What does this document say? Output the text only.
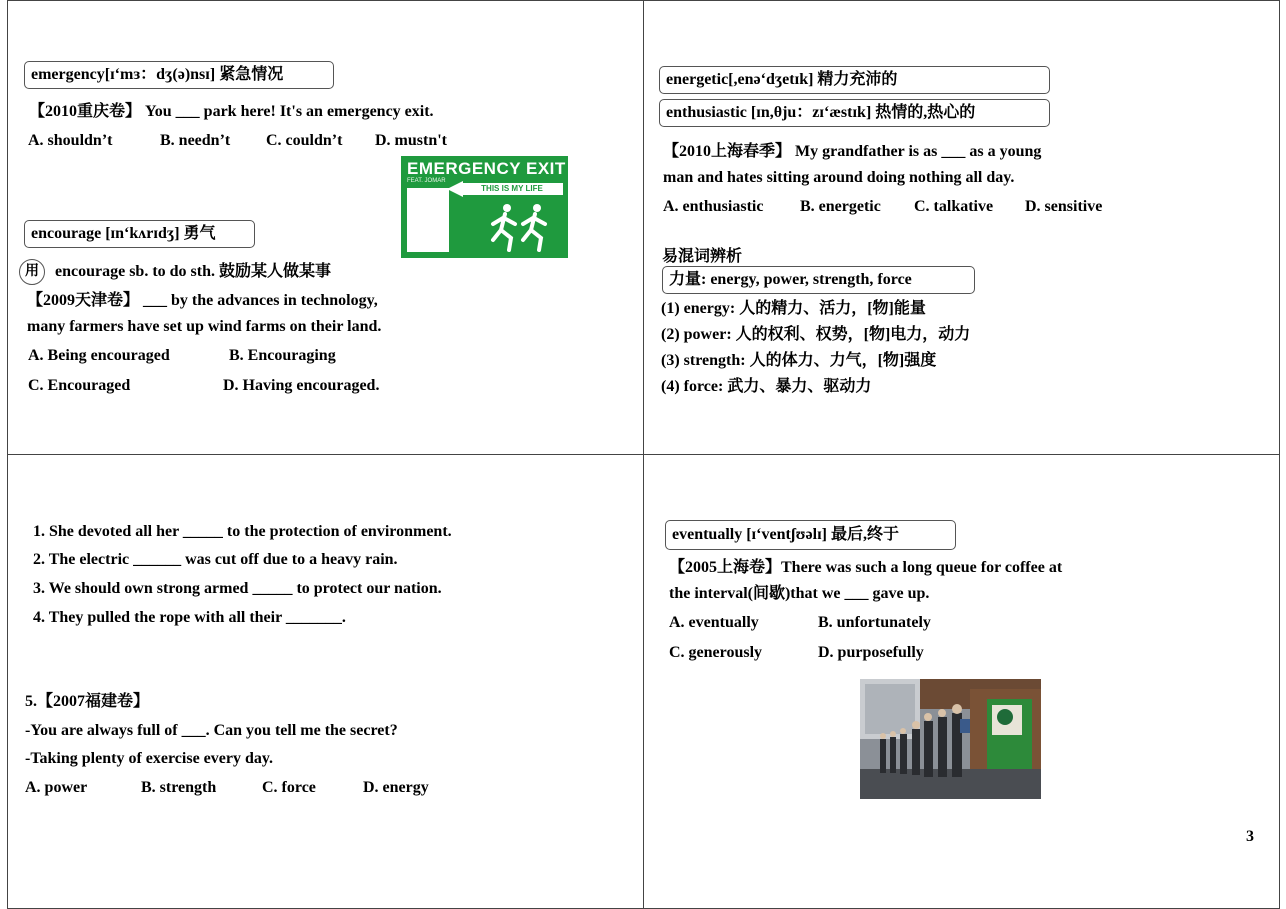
emergency[ɪ‘mɜ：dʒ(ə)nsɪ] 紧急情况
【2010重庆卷】 You ___ park here! It's an emergency exit.
A. shouldn’t	B. needn’t C. couldn’t D. mustn't
EMERGENCY EXIT
FEAT. JOMAR
THIS IS MY LIFE
encourage [ɪn‘kʌrɪdʒ] 勇气
用	encourage sb. to do sth. 鼓励某人做某事
【2009天津卷】 ___ by the advances in technology,
many farmers have set up wind farms on their land.
A. Being encouraged	B. Encouraging
C. Encouraged	D. Having encouraged.
energetic[,enə‘dʒetɪk] 精力充沛的
enthusiastic [ɪn,θju：zɪ‘æstɪk] 热情的,热心的
【2010上海春季】 My grandfather is as ___ as a young
man and hates sitting around doing nothing all day.
A. enthusiastic B. energetic C. talkative D. sensitive
易混词辨析
力量: energy, power, strength, force
(1) energy: 人的精力、活力，[物]能量
(2) power: 人的权利、权势，[物]电力，动力
(3) strength: 人的体力、力气，[物]强度
(4) force: 武力、暴力、驱动力
1. She devoted all her _____ to the protection of environment.
2. The electric ______ was cut off due to a heavy rain.
3. We should own strong armed _____ to protect our nation.
4. They pulled the rope with all their _______.
5.【2007福建卷】
-You are always full of ___. Can you tell me the secret?
-Taking plenty of exercise every day.
A. power	B. strength	C. force	D. energy
eventually [ɪ‘ventʃʊəlɪ] 最后,终于
【2005上海卷】There was such a long queue for coffee at
the interval(间歇)that we ___ gave up.
A. eventually	B. unfortunately
C. generously	D. purposefully
3
